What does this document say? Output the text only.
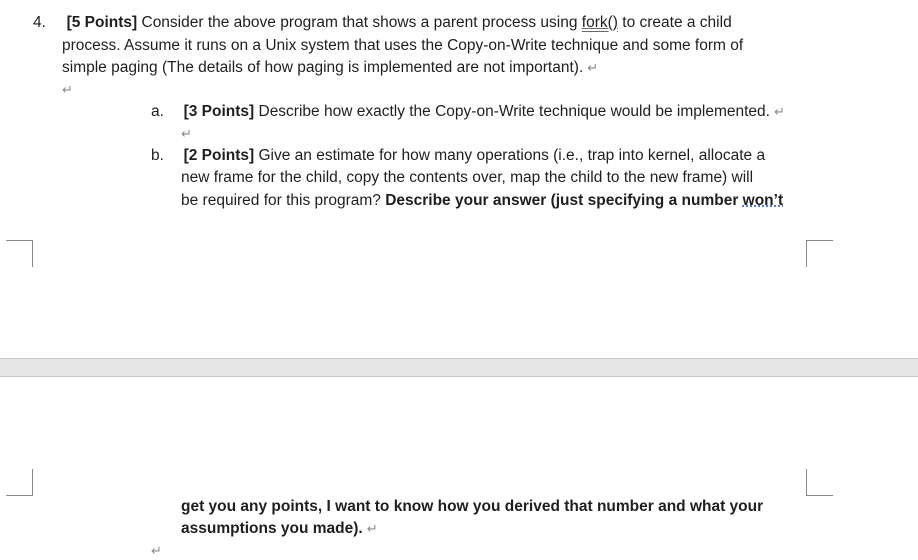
4. [5 Points] Consider the above program that shows a parent process using fork() to create a child
process. Assume it runs on a Unix system that uses the Copy-on-Write technique and some form of
simple paging (The details of how paging is implemented are not important). ↵
↵
a. [3 Points] Describe how exactly the Copy-on-Write technique would be implemented. ↵
↵
b. [2 Points] Give an estimate for how many operations (i.e., trap into kernel, allocate a
new frame for the child, copy the contents over, map the child to the new frame) will
be required for this program? Describe your answer (just specifying a number won’t
get you any points, I want to know how you derived that number and what your
assumptions you made). ↵
↵
